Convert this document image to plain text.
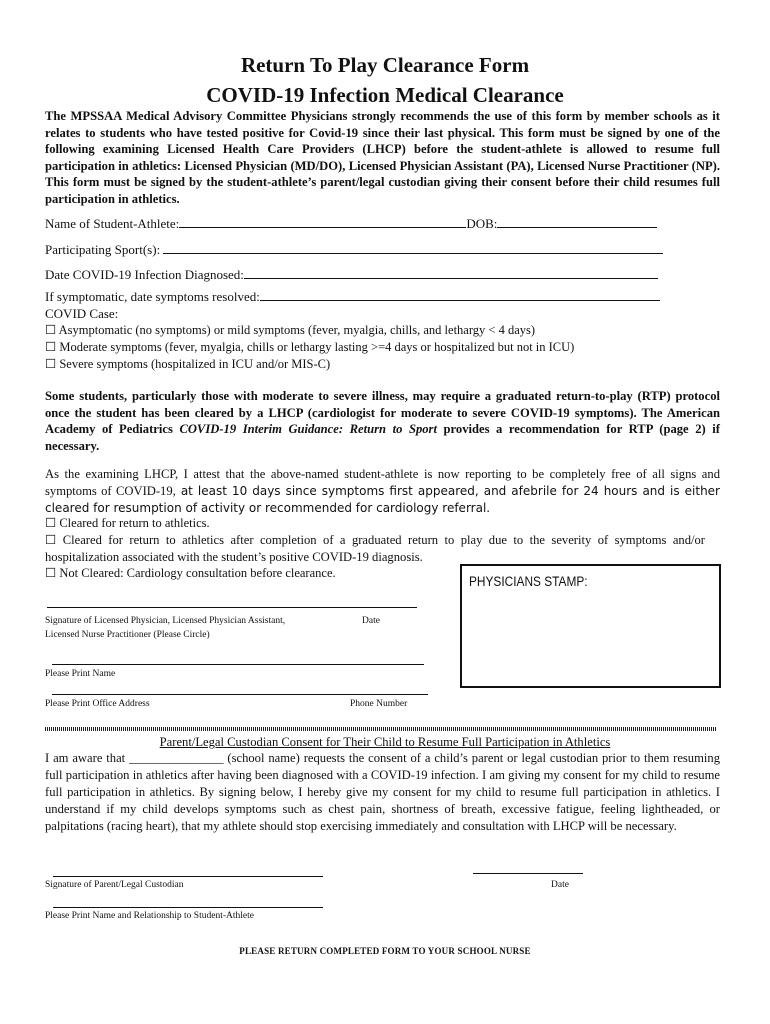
Return To Play Clearance Form
COVID-19 Infection Medical Clearance
The MPSSAA Medical Advisory Committee Physicians strongly recommends the use of this form by member schools as it relates to students who have tested positive for Covid-19 since their last physical. This form must be signed by one of the following examining Licensed Health Care Providers (LHCP) before the student-athlete is allowed to resume full participation in athletics: Licensed Physician (MD/DO), Licensed Physician Assistant (PA), Licensed Nurse Practitioner (NP). This form must be signed by the student-athlete’s parent/legal custodian giving their consent before their child resumes full participation in athletics.
Name of Student-Athlete:	DOB:
Participating Sport(s):
Date COVID-19 Infection Diagnosed:
If symptomatic, date symptoms resolved:
COVID Case:
☐ Asymptomatic (no symptoms) or mild symptoms (fever, myalgia, chills, and lethargy < 4 days)
☐ Moderate symptoms (fever, myalgia, chills or lethargy lasting >=4 days or hospitalized but not in ICU)
☐ Severe symptoms (hospitalized in ICU and/or MIS-C)
Some students, particularly those with moderate to severe illness, may require a graduated return-to-play (RTP) protocol once the student has been cleared by a LHCP (cardiologist for moderate to severe COVID-19 symptoms). The American Academy of Pediatrics COVID-19 Interim Guidance: Return to Sport provides a recommendation for RTP (page 2) if necessary.
As the examining LHCP, I attest that the above-named student-athlete is now reporting to be completely free of all signs and symptoms of COVID-19, at least 10 days since symptoms first appeared, and afebrile for 24 hours and is either cleared for resumption of activity or recommended for cardiology referral.
☐ Cleared for return to athletics.
☐ Cleared for return to athletics after completion of a graduated return to play due to the severity of symptoms and/or hospitalization associated with the student’s positive COVID-19 diagnosis.
☐ Not Cleared: Cardiology consultation before clearance.
PHYSICIANS STAMP:
Signature of Licensed Physician, Licensed Physician Assistant,
Licensed Nurse Practitioner (Please Circle)
Date
Please Print Name
Please Print Office Address	Phone Number
Parent/Legal Custodian Consent for Their Child to Resume Full Participation in Athletics
I am aware that _______________ (school name) requests the consent of a child’s parent or legal custodian prior to them resuming full participation in athletics after having been diagnosed with a COVID-19 infection. I am giving my consent for my child to resume full participation in athletics. By signing below, I hereby give my consent for my child to resume full participation in athletics. I understand if my child develops symptoms such as chest pain, shortness of breath, excessive fatigue, feeling lightheaded, or palpitations (racing heart), that my athlete should stop exercising immediately and consultation with LHCP will be necessary.
Signature of Parent/Legal Custodian	Date
Please Print Name and Relationship to Student-Athlete
PLEASE RETURN COMPLETED FORM TO YOUR SCHOOL NURSE
